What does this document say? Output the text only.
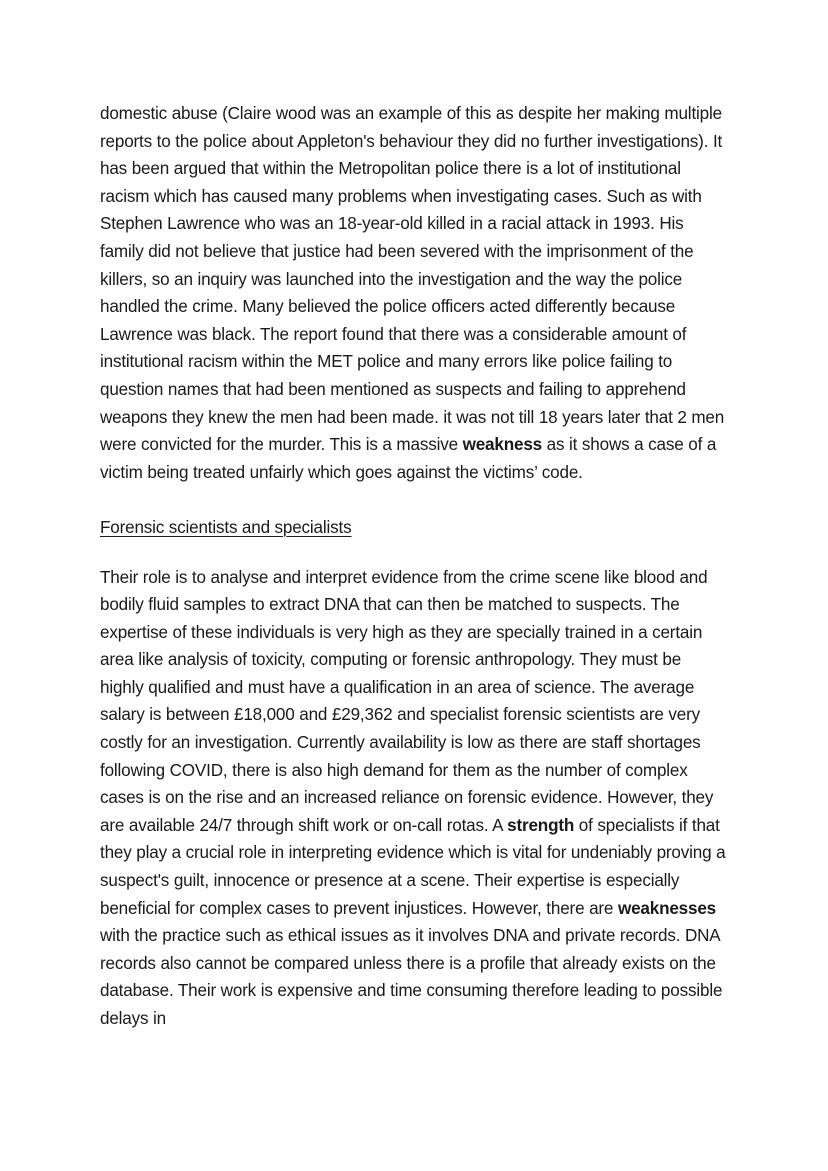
domestic abuse (Claire wood was an example of this as despite her making multiple reports to the police about Appleton's behaviour they did no further investigations). It has been argued that within the Metropolitan police there is a lot of institutional racism which has caused many problems when investigating cases. Such as with Stephen Lawrence who was an 18-year-old killed in a racial attack in 1993. His family did not believe that justice had been severed with the imprisonment of the killers, so an inquiry was launched into the investigation and the way the police handled the crime. Many believed the police officers acted differently because Lawrence was black. The report found that there was a considerable amount of institutional racism within the MET police and many errors like police failing to question names that had been mentioned as suspects and failing to apprehend weapons they knew the men had been made. it was not till 18 years later that 2 men were convicted for the murder. This is a massive weakness as it shows a case of a victim being treated unfairly which goes against the victims’ code.

Forensic scientists and specialists

Their role is to analyse and interpret evidence from the crime scene like blood and bodily fluid samples to extract DNA that can then be matched to suspects. The expertise of these individuals is very high as they are specially trained in a certain area like analysis of toxicity, computing or forensic anthropology. They must be highly qualified and must have a qualification in an area of science. The average salary is between £18,000 and £29,362 and specialist forensic scientists are very costly for an investigation. Currently availability is low as there are staff shortages following COVID, there is also high demand for them as the number of complex cases is on the rise and an increased reliance on forensic evidence. However, they are available 24/7 through shift work or on-call rotas. A strength of specialists if that they play a crucial role in interpreting evidence which is vital for undeniably proving a suspect's guilt, innocence or presence at a scene. Their expertise is especially beneficial for complex cases to prevent injustices. However, there are weaknesses with the practice such as ethical issues as it involves DNA and private records. DNA records also cannot be compared unless there is a profile that already exists on the database. Their work is expensive and time consuming therefore leading to possible delays in
